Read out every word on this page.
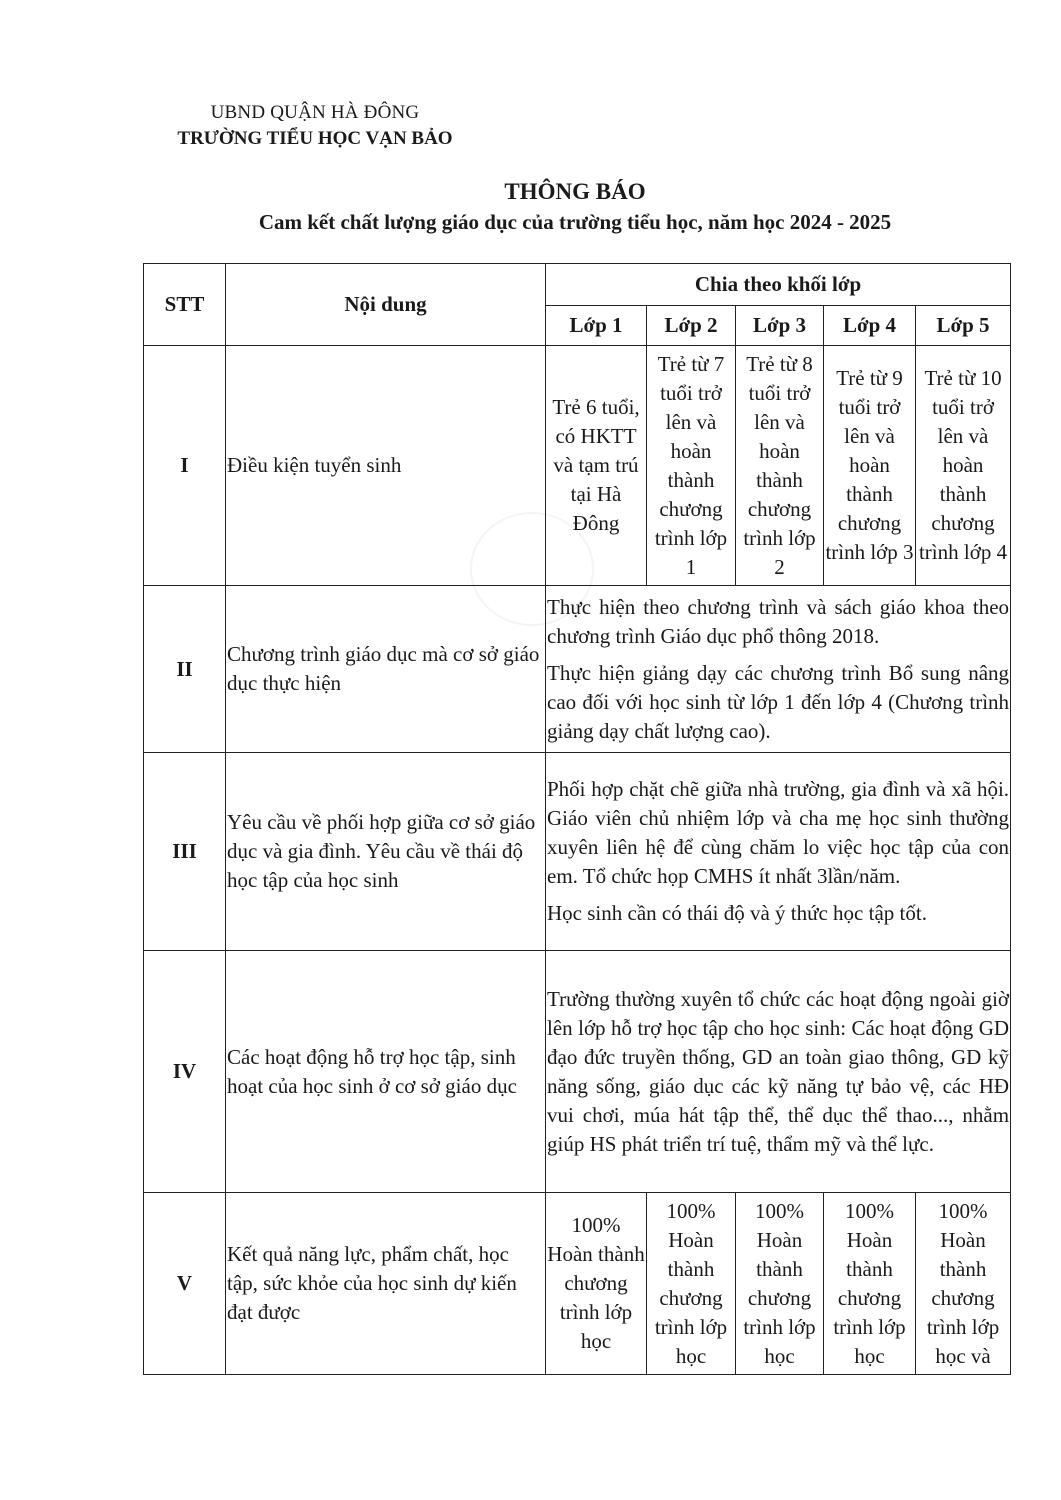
UBND QUẬN HÀ ĐÔNG
TRƯỜNG TIỂU HỌC VẠN BẢO
THÔNG BÁO
Cam kết chất lượng giáo dục của trường tiểu học, năm học 2024 - 2025
STT	Nội dung	Chia theo khối lớp				
		Lớp 1	Lớp 2	Lớp 3	Lớp 4	Lớp 5
I	Điều kiện tuyển sinh	Trẻ 6 tuổi, có HKTT và tạm trú tại Hà Đông	Trẻ từ 7 tuổi trở lên và hoàn thành chương trình lớp 1	Trẻ từ 8 tuổi trở lên và hoàn thành chương trình lớp 2	Trẻ từ 9 tuổi trở lên và hoàn thành chương trình lớp 3	Trẻ từ 10 tuổi trở lên và hoàn thành chương trình lớp 4
II	Chương trình giáo dục mà cơ sở giáo dục thực hiện	Thực hiện theo chương trình và sách giáo khoa theo chương trình Giáo dục phổ thông 2018.

Thực hiện giảng dạy các chương trình Bổ sung nâng cao đối với học sinh từ lớp 1 đến lớp 4 (Chương trình giảng dạy chất lượng cao).				

III	Yêu cầu về phối hợp giữa cơ sở giáo dục và gia đình. Yêu cầu về thái độ học tập của học sinh	Phối hợp chặt chẽ giữa nhà trường, gia đình và xã hội. Giáo viên chủ nhiệm lớp và cha mẹ học sinh thường xuyên liên hệ để cùng chăm lo việc học tập của con em. Tổ chức họp CMHS ít nhất 3lần/năm.

Học sinh cần có thái độ và ý thức học tập tốt.				

IV	Các hoạt động hỗ trợ học tập, sinh hoạt của học sinh ở cơ sở giáo dục	Trường thường xuyên tổ chức các hoạt động ngoài giờ lên lớp hỗ trợ học tập cho học sinh: Các hoạt động GD đạo đức truyền thống, GD an toàn giao thông, GD kỹ năng sống, giáo dục các kỹ năng tự bảo vệ, các HĐ vui chơi, múa hát tập thể, thể dục thể thao..., nhằm giúp HS phát triển trí tuệ, thẩm mỹ và thể lực.				

V	Kết quả năng lực, phẩm chất, học tập, sức khỏe của học sinh dự kiến đạt được	100% Hoàn thành chương trình lớp học	100% Hoàn thành chương trình lớp học	100% Hoàn thành chương trình lớp học	100% Hoàn thành chương trình lớp học	100% Hoàn thành chương trình lớp học và
